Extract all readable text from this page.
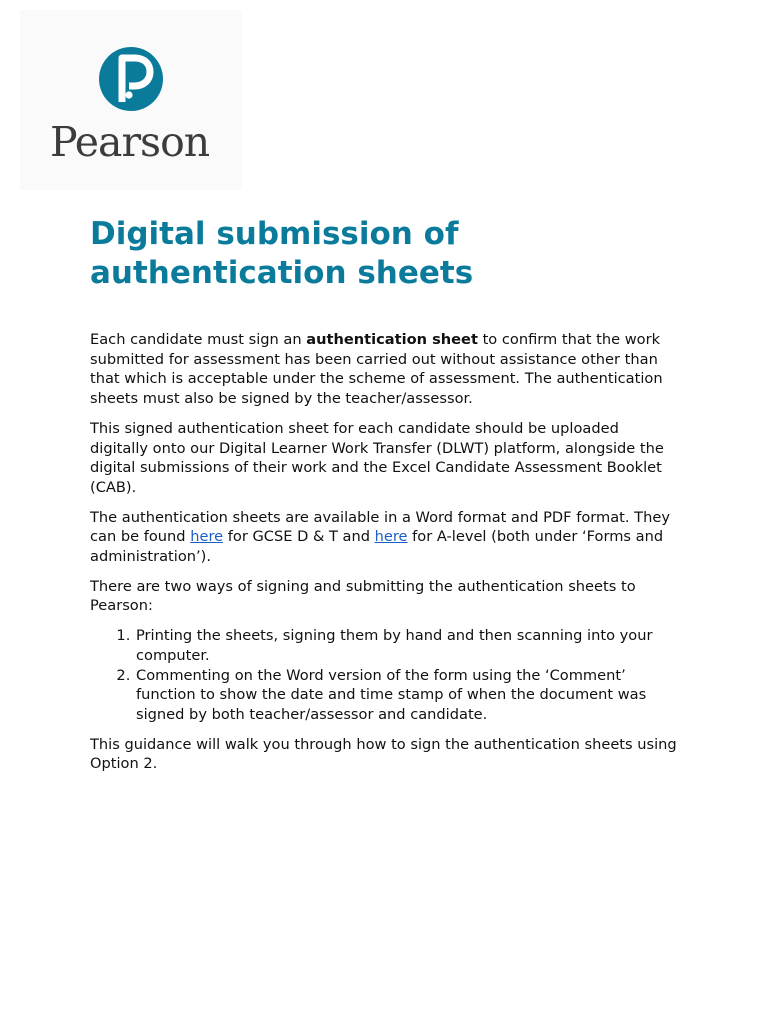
Pearson
Digital submission of
authentication sheets

Each candidate must sign an authentication sheet to confirm that the work submitted for assessment has been carried out without assistance other than that which is acceptable under the scheme of assessment. The authentication sheets must also be signed by the teacher/assessor.

This signed authentication sheet for each candidate should be uploaded digitally onto our Digital Learner Work Transfer (DLWT) platform, alongside the digital submissions of their work and the Excel Candidate Assessment Booklet (CAB).

The authentication sheets are available in a Word format and PDF format. They can be found here for GCSE D & T and here for A-level (both under ‘Forms and administration’).

There are two ways of signing and submitting the authentication sheets to Pearson:

1. Printing the sheets, signing them by hand and then scanning into your computer.
2. Commenting on the Word version of the form using the ‘Comment’ function to show the date and time stamp of when the document was signed by both teacher/assessor and candidate.

This guidance will walk you through how to sign the authentication sheets using Option 2.
